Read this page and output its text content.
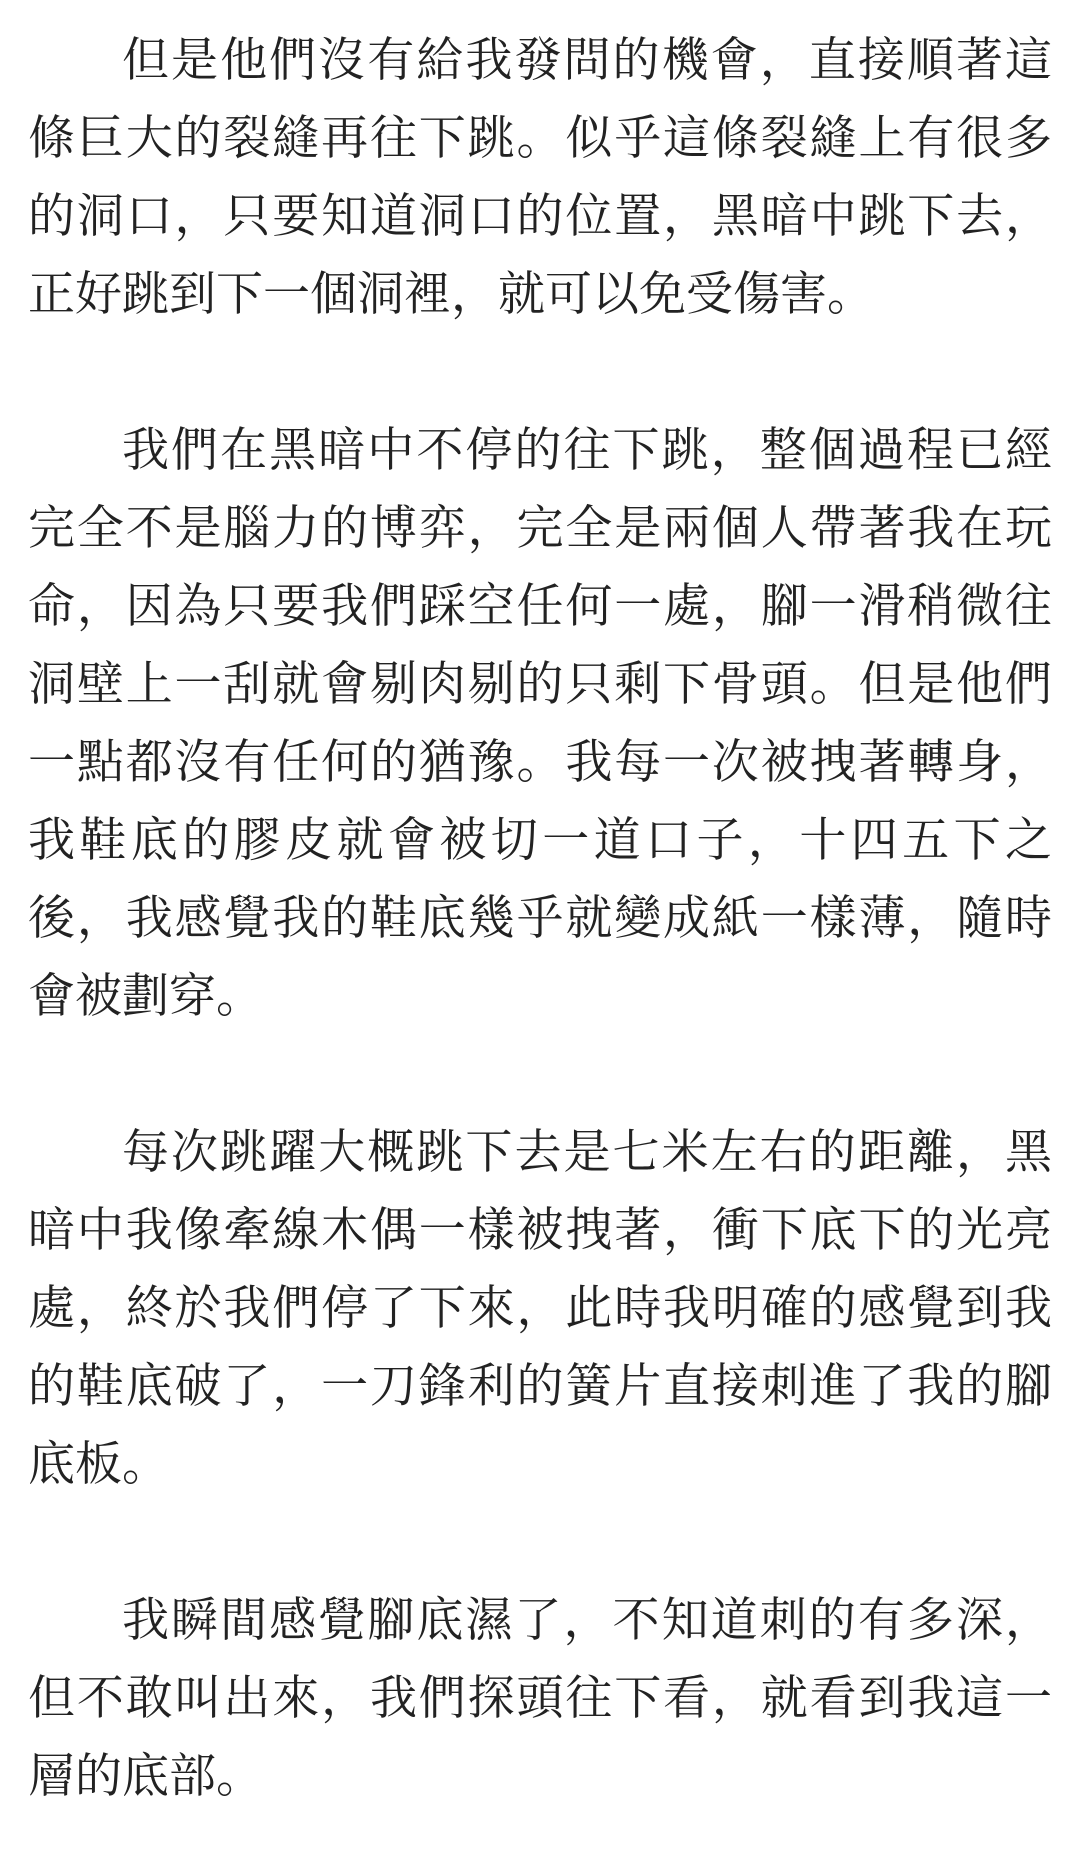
但是他們沒有給我發問的機會，直接順著這條巨大的裂縫再往下跳。似乎這條裂縫上有很多的洞口，只要知道洞口的位置，黑暗中跳下去，正好跳到下一個洞裡，就可以免受傷害。

我們在黑暗中不停的往下跳，整個過程已經完全不是腦力的博弈，完全是兩個人帶著我在玩命，因為只要我們踩空任何一處，腳一滑稍微往洞壁上一刮就會剔肉剔的只剩下骨頭。但是他們一點都沒有任何的猶豫。我每一次被拽著轉身，我鞋底的膠皮就會被切一道口子，十四五下之後，我感覺我的鞋底幾乎就變成紙一樣薄，隨時會被劃穿。

每次跳躍大概跳下去是七米左右的距離，黑暗中我像牽線木偶一樣被拽著，衝下底下的光亮處，終於我們停了下來，此時我明確的感覺到我的鞋底破了，一刀鋒利的簧片直接刺進了我的腳底板。

我瞬間感覺腳底濕了，不知道刺的有多深，但不敢叫出來，我們探頭往下看，就看到我這一層的底部。
